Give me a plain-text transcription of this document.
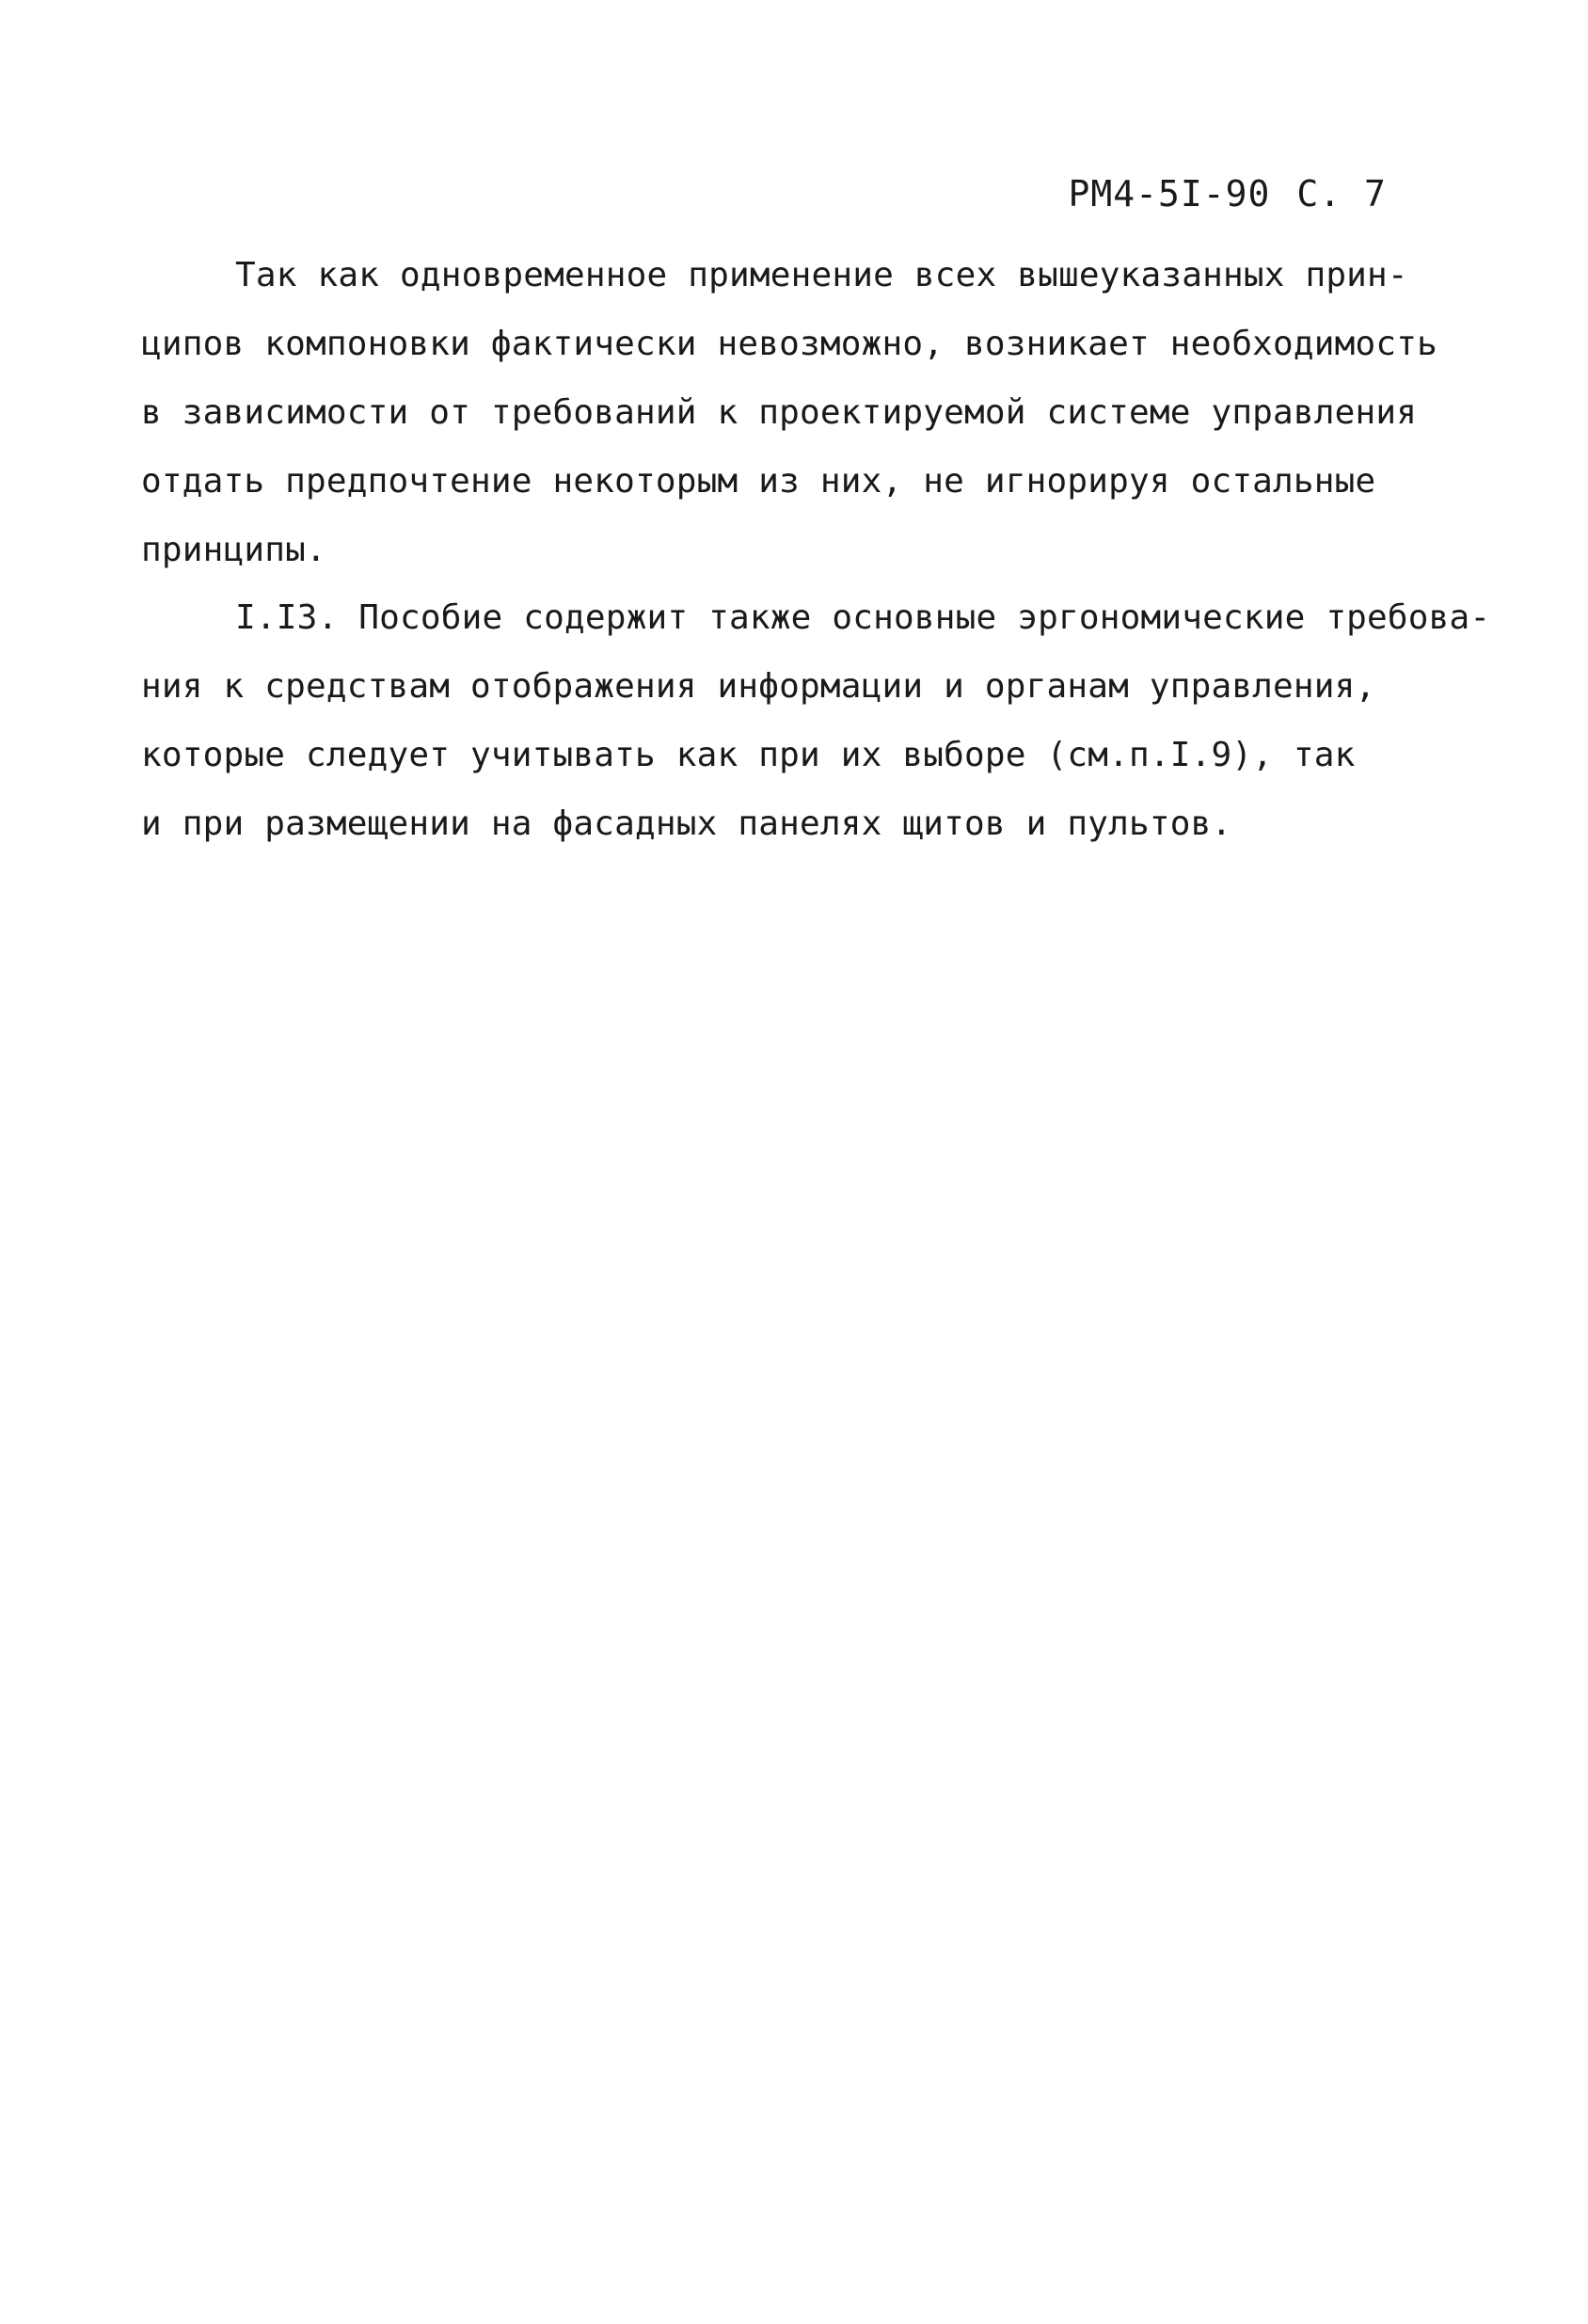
РМ4-5I-90 С. 7

Так как одновременное применение всех вышеуказанных прин-
ципов компоновки фактически невозможно, возникает необходимость
в зависимости от требований к проектируемой системе управления
отдать предпочтение некоторым из них, не игнорируя остальные
принципы.

I.I3. Пособие содержит также основные эргономические требова-
ния к средствам отображения информации и органам управления,
которые следует учитывать как при их выборе (см.п.I.9), так
и при размещении на фасадных панелях щитов и пультов.
